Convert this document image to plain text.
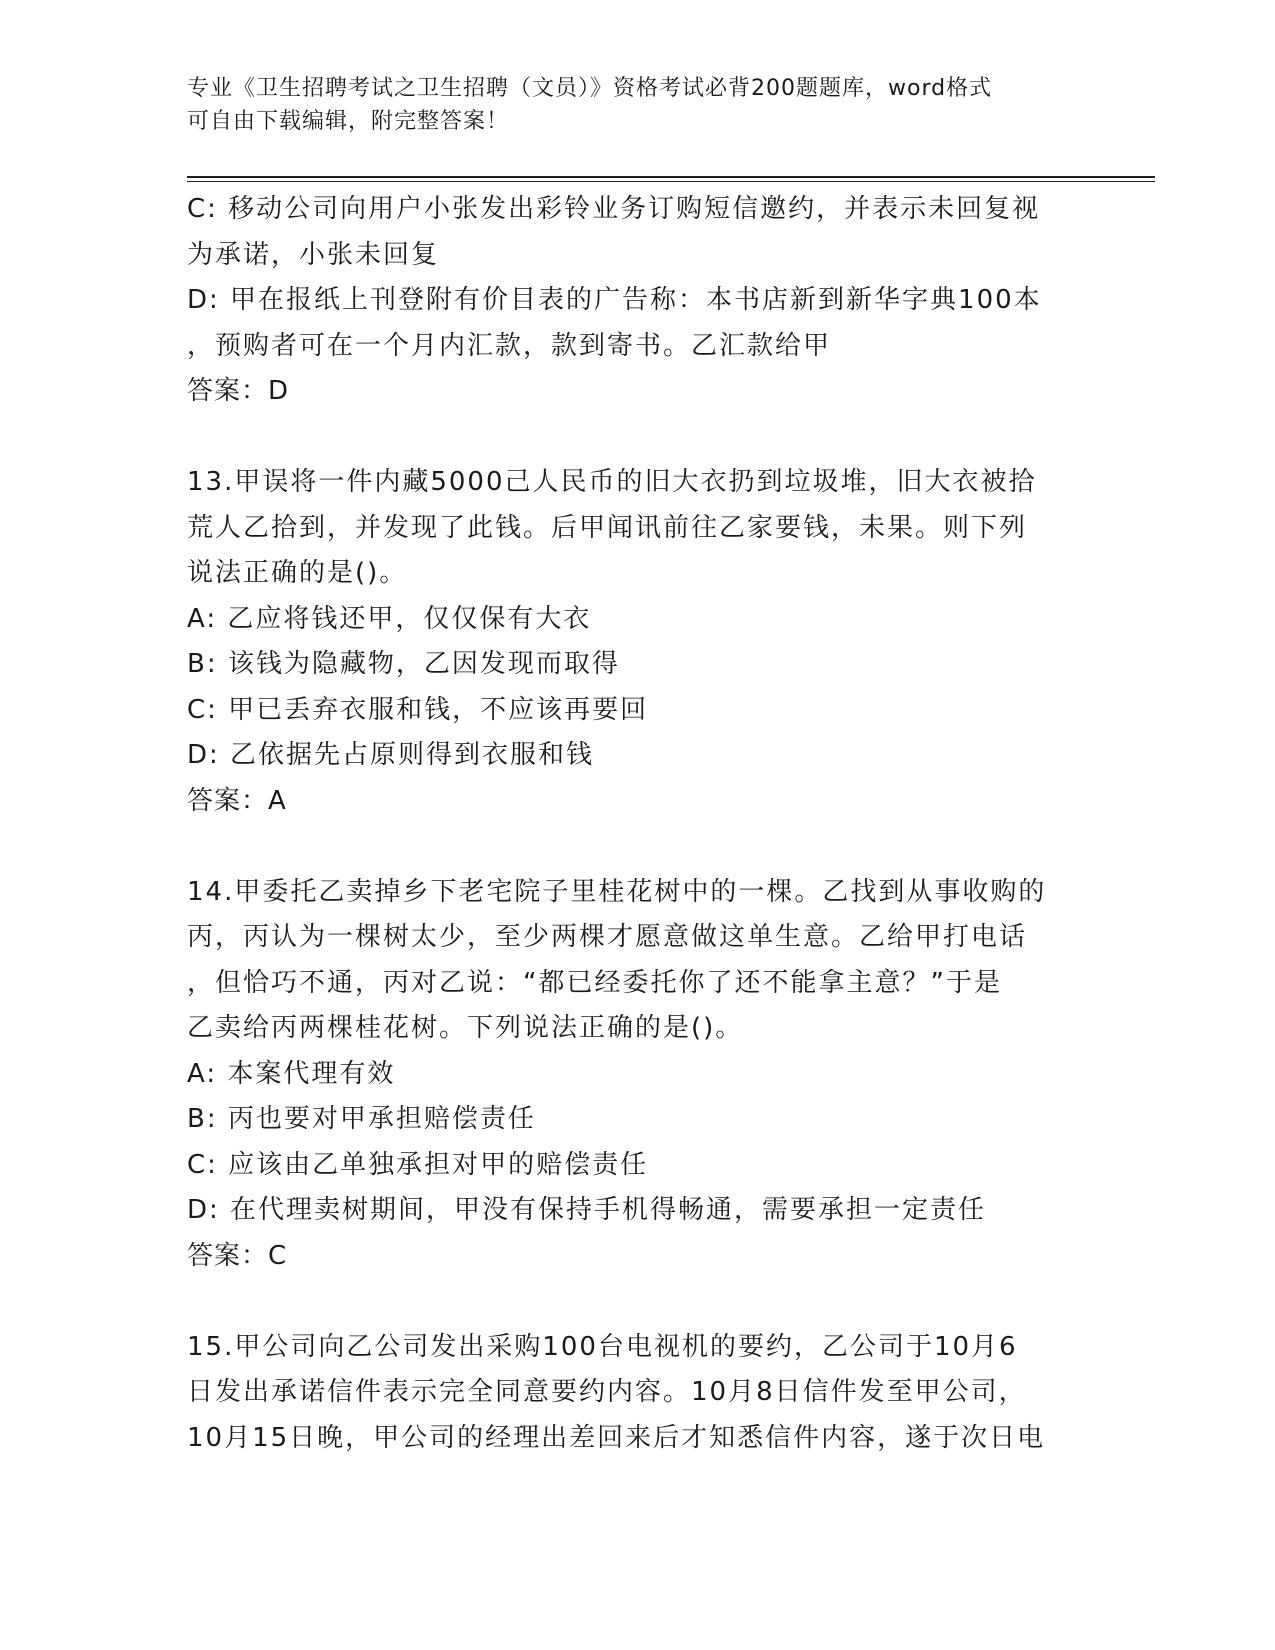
专业《卫生招聘考试之卫生招聘（文员）》资格考试必背200题题库，word格式
可自由下载编辑，附完整答案！
C: 移动公司向用户小张发出彩铃业务订购短信邀约，并表示未回复视
为承诺，小张未回复
D: 甲在报纸上刊登附有价目表的广告称：本书店新到新华字典100本
，预购者可在一个月内汇款，款到寄书。乙汇款给甲
答案：D
13.甲误将一件内藏5000己人民币的旧大衣扔到垃圾堆，旧大衣被拾
荒人乙拾到，并发现了此钱。后甲闻讯前往乙家要钱，未果。则下列
说法正确的是()。
A: 乙应将钱还甲，仅仅保有大衣
B: 该钱为隐藏物，乙因发现而取得
C: 甲已丢弃衣服和钱，不应该再要回
D: 乙依据先占原则得到衣服和钱
答案：A
14.甲委托乙卖掉乡下老宅院子里桂花树中的一棵。乙找到从事收购的
丙，丙认为一棵树太少，至少两棵才愿意做这单生意。乙给甲打电话
，但恰巧不通，丙对乙说：“都已经委托你了还不能拿主意？”于是
乙卖给丙两棵桂花树。下列说法正确的是()。
A: 本案代理有效
B: 丙也要对甲承担赔偿责任
C: 应该由乙单独承担对甲的赔偿责任
D: 在代理卖树期间，甲没有保持手机得畅通，需要承担一定责任
答案：C
15.甲公司向乙公司发出采购100台电视机的要约，乙公司于10月6
日发出承诺信件表示完全同意要约内容。10月8日信件发至甲公司，
10月15日晚，甲公司的经理出差回来后才知悉信件内容，遂于次日电
